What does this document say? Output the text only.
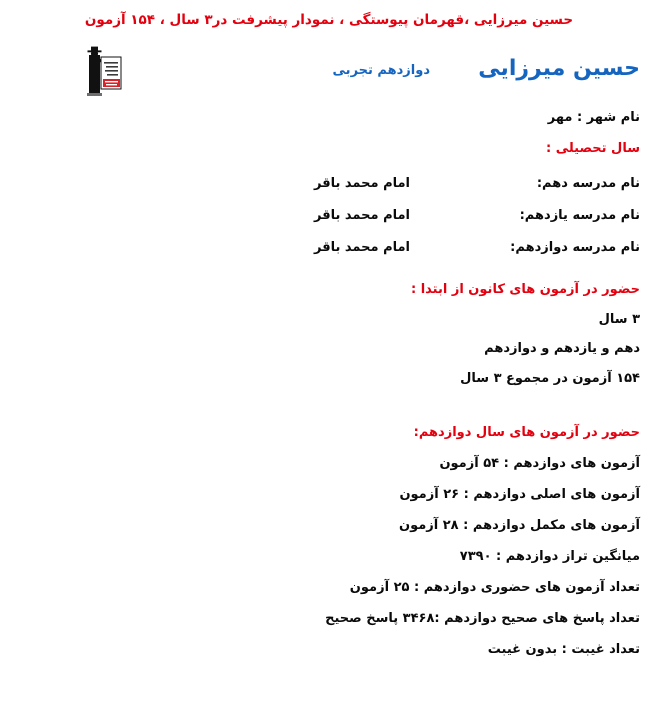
حسین میرزایی ،قهرمان پیوستگی ، نمودار پیشرفت در۳ سال ، ۱۵۴ آزمون
حسین میرزایی
دوازدهم تجربی
نام شهر : مهر
سال تحصیلی :
نام مدرسه دهم:
امام محمد باقر
نام مدرسه یازدهم:
امام محمد باقر
نام مدرسه دوازدهم:
امام محمد باقر
حضور در آزمون های کانون از ابتدا :
۳ سال
دهم و یازدهم و دوازدهم
۱۵۴ آزمون در مجموع ۳ سال
حضور در آزمون های سال دوازدهم:
آزمون های دوازدهم : ۵۴ آزمون
آزمون های اصلی دوازدهم : ۲۶ آزمون
آزمون های مکمل دوازدهم : ۲۸ آزمون
میانگین تراز دوازدهم : ۷۳۹۰
تعداد آزمون های حضوری دوازدهم : ۲۵ آزمون
تعداد پاسخ های صحیح دوازدهم :۳۴۶۸ پاسخ صحیح
تعداد غیبت : بدون غیبت
